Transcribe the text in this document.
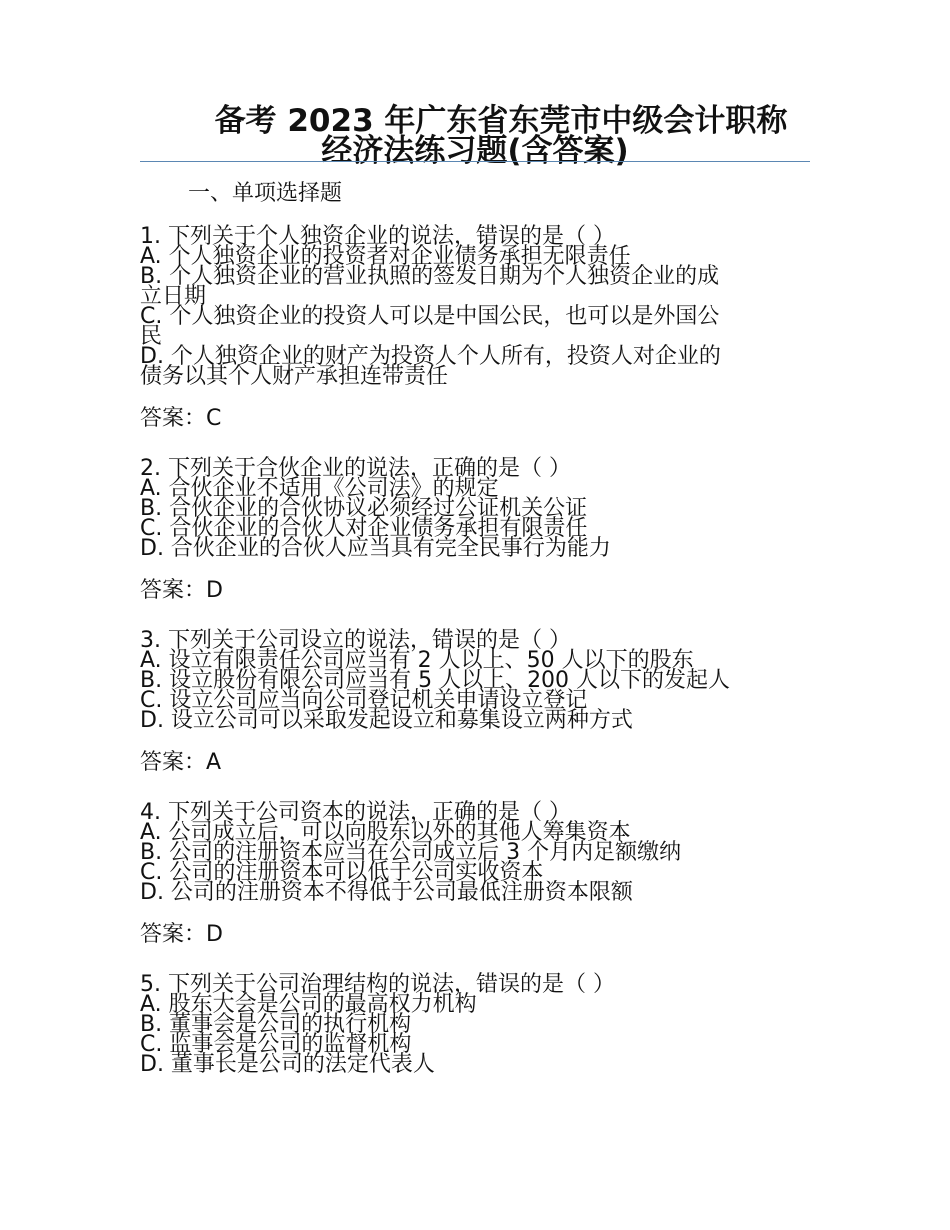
备考 2023 年广东省东莞市中级会计职称
经济法练习题(含答案)
一、单项选择题
1. 下列关于个人独资企业的说法，错误的是（ ）
A. 个人独资企业的投资者对企业债务承担无限责任
B. 个人独资企业的营业执照的签发日期为个人独资企业的成
立日期
C. 个人独资企业的投资人可以是中国公民，也可以是外国公
民
D. 个人独资企业的财产为投资人个人所有，投资人对企业的
债务以其个人财产承担连带责任
答案：C
2. 下列关于合伙企业的说法，正确的是（ ）
A. 合伙企业不适用《公司法》的规定
B. 合伙企业的合伙协议必须经过公证机关公证
C. 合伙企业的合伙人对企业债务承担有限责任
D. 合伙企业的合伙人应当具有完全民事行为能力
答案：D
3. 下列关于公司设立的说法，错误的是（ ）
A. 设立有限责任公司应当有 2 人以上、50 人以下的股东
B. 设立股份有限公司应当有 5 人以上、200 人以下的发起人
C. 设立公司应当向公司登记机关申请设立登记
D. 设立公司可以采取发起设立和募集设立两种方式
答案：A
4. 下列关于公司资本的说法，正确的是（ ）
A. 公司成立后，可以向股东以外的其他人筹集资本
B. 公司的注册资本应当在公司成立后 3 个月内足额缴纳
C. 公司的注册资本可以低于公司实收资本
D. 公司的注册资本不得低于公司最低注册资本限额
答案：D
5. 下列关于公司治理结构的说法，错误的是（ ）
A. 股东大会是公司的最高权力机构
B. 董事会是公司的执行机构
C. 监事会是公司的监督机构
D. 董事长是公司的法定代表人
